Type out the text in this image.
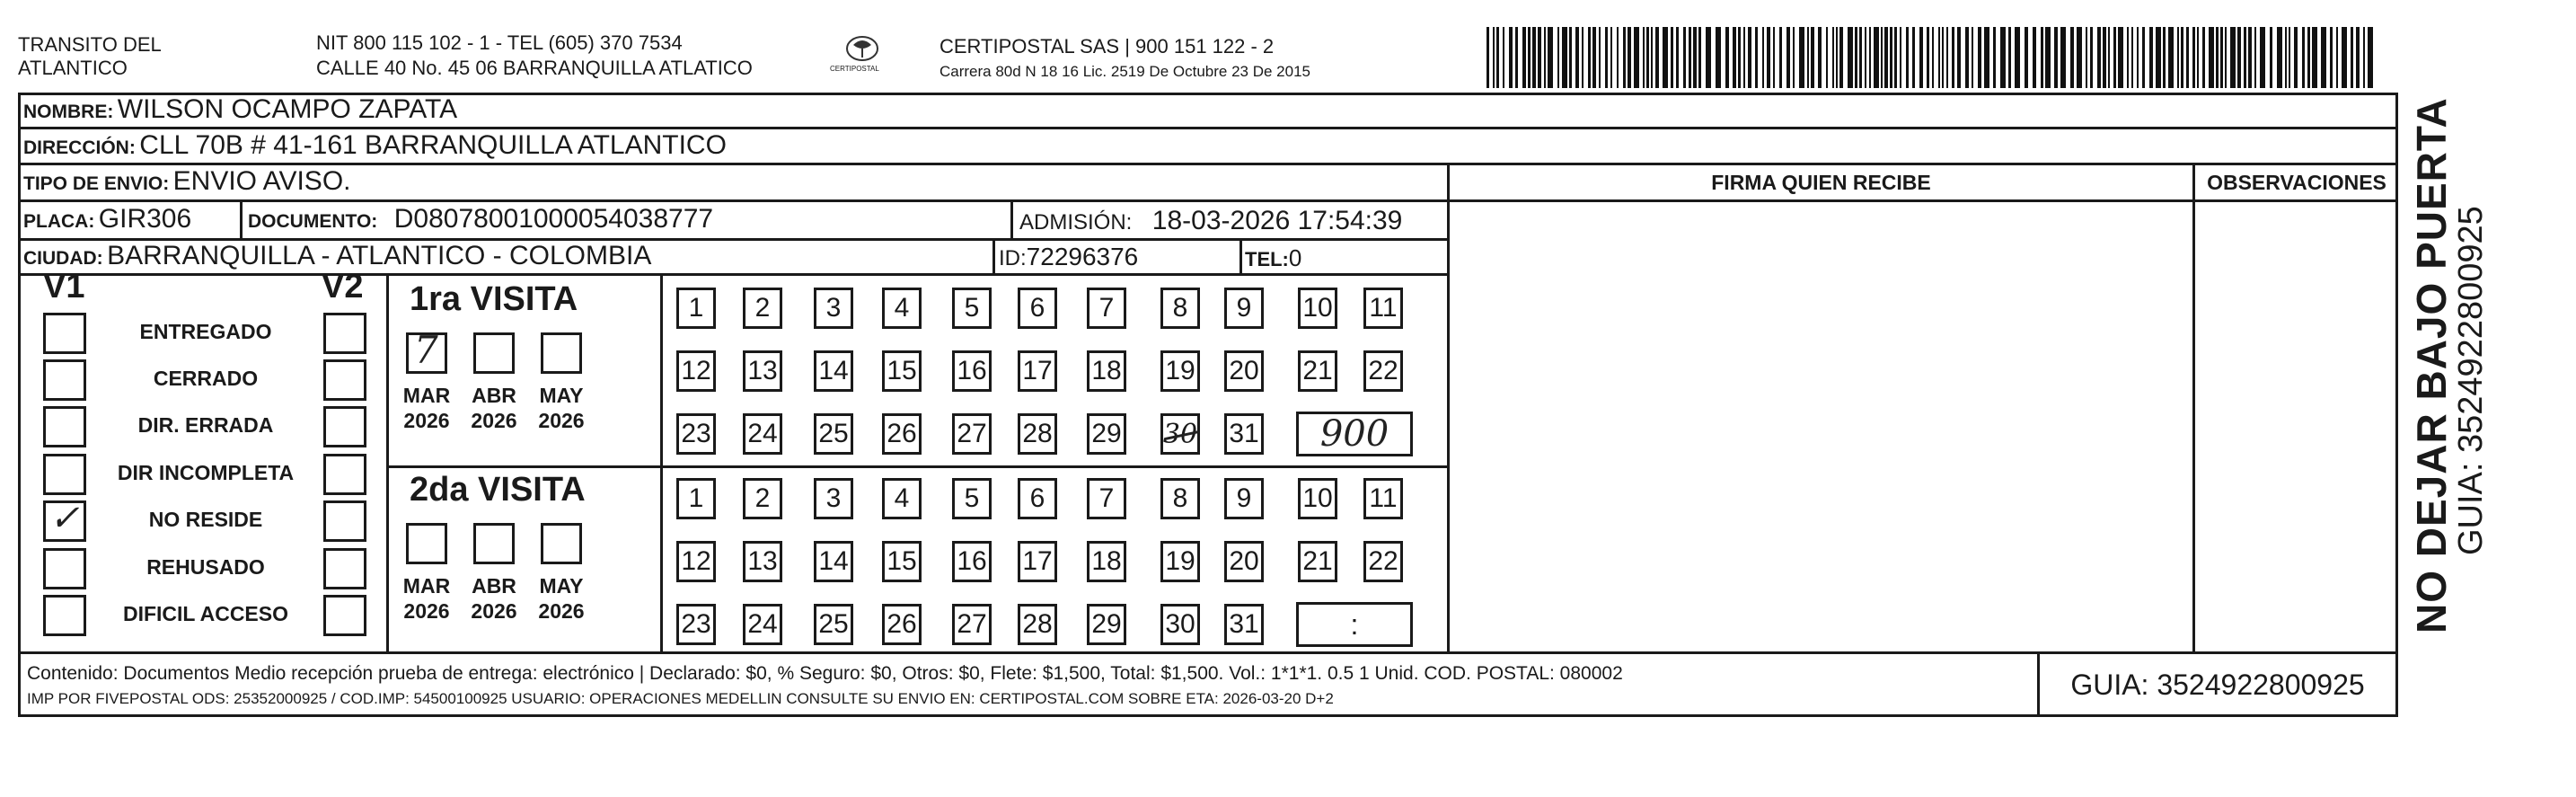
TRANSITO DEL
ATLANTICO
NIT 800 115 102 - 1 - TEL (605) 370 7534
CALLE 40 No. 45 06 BARRANQUILLA ATLATICO	CERTIPOSTAL
CERTIPOSTAL SAS | 900 151 122 - 2
Carrera 80d N 18 16 Lic. 2519 De Octubre 23 De 2015
NOMBRE: WILSON OCAMPO ZAPATA
DIRECCIÓN: CLL 70B # 41-161 BARRANQUILLA ATLANTICO
TIPO DE ENVIO: ENVIO AVISO.
PLACA: GIR306	DOCUMENTO: D08078001000054038777	ADMISIÓN: 18-03-2026 17:54:39
CIUDAD: BARRANQUILLA - ATLANTICO - COLOMBIA	ID:72296376	TEL:0
FIRMA QUIEN RECIBE	OBSERVACIONES
V1	V2
ENTREGADO
CERRADO
DIR. ERRADA
DIR INCOMPLETA
✓	NO RESIDE
REHUSADO
DIFICIL ACCESO
1ra VISITA
7
MAR
2026
ABR
2026
MAY
2026
1 2 3 4 5 6 7 8 9 10 11
12 13 14 15 16 17 18 19 20 21 22
23 24 25 26 27 28 29 30 31 900
2da VISITA
MAR
2026
ABR
2026
MAY
2026
1 2 3 4 5 6 7 8 9 10 11
12 13 14 15 16 17 18 19 20 21 22
23 24 25 26 27 28 29 30 31	:
Contenido: Documentos Medio recepción prueba de entrega: electrónico | Declarado: $0, % Seguro: $0, Otros: $0, Flete: $1,500, Total: $1,500. Vol.: 1*1*1. 0.5 1 Unid. COD. POSTAL: 080002
IMP POR FIVEPOSTAL ODS: 25352000925 / COD.IMP: 54500100925 USUARIO: OPERACIONES MEDELLIN CONSULTE SU ENVIO EN: CERTIPOSTAL.COM SOBRE ETA: 2026-03-20 D+2	GUIA: 3524922800925
NO DEJAR BAJO PUERTA
GUIA: 3524922800925
